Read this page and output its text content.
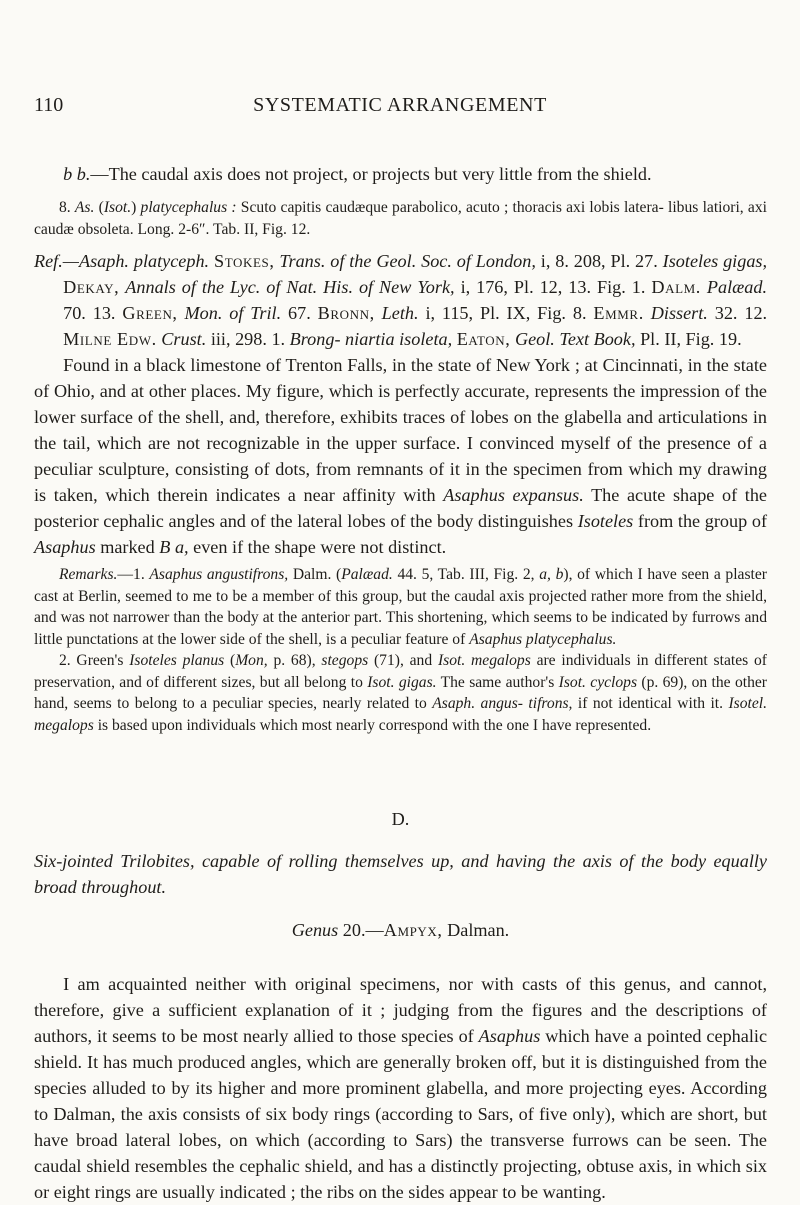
110	SYSTEMATIC ARRANGEMENT

b b.—The caudal axis does not project, or projects but very little from the shield.

8. As. (Isot.) platycephalus : Scuto capitis caudæque parabolico, acuto ; thoracis axi lobis latera- libus latiori, axi caudæ obsoleta. Long. 2-6″. Tab. II, Fig. 12.

Ref.—Asaph. platyceph. Stokes, Trans. of the Geol. Soc. of London, i, 8. 208, Pl. 27. Isoteles gigas, Dekay, Annals of the Lyc. of Nat. His. of New York, i, 176, Pl. 12, 13. Fig. 1. Dalm. Palæad. 70. 13. Green, Mon. of Tril. 67. Bronn, Leth. i, 115, Pl. IX, Fig. 8. Emmr. Dissert. 32. 12. Milne Edw. Crust. iii, 298. 1. Brong- niartia isoleta, Eaton, Geol. Text Book, Pl. II, Fig. 19.

Found in a black limestone of Trenton Falls, in the state of New York ; at Cincinnati, in the state of Ohio, and at other places. My figure, which is perfectly accurate, represents the impression of the lower surface of the shell, and, therefore, exhibits traces of lobes on the glabella and articulations in the tail, which are not recognizable in the upper surface. I convinced myself of the presence of a peculiar sculpture, consisting of dots, from remnants of it in the specimen from which my drawing is taken, which therein indicates a near affinity with Asaphus expansus. The acute shape of the posterior cephalic angles and of the lateral lobes of the body distinguishes Isoteles from the group of Asaphus marked B a, even if the shape were not distinct.

Remarks.—1. Asaphus angustifrons, Dalm. (Palæad. 44. 5, Tab. III, Fig. 2, a, b), of which I have seen a plaster cast at Berlin, seemed to me to be a member of this group, but the caudal axis projected rather more from the shield, and was not narrower than the body at the anterior part. This shortening, which seems to be indicated by furrows and little punctations at the lower side of the shell, is a peculiar feature of Asaphus platycephalus.

2. Green's Isoteles planus (Mon, p. 68), stegops (71), and Isot. megalops are individuals in different states of preservation, and of different sizes, but all belong to Isot. gigas. The same author's Isot. cyclops (p. 69), on the other hand, seems to belong to a peculiar species, nearly related to Asaph. angus- tifrons, if not identical with it. Isotel. megalops is based upon individuals which most nearly correspond with the one I have represented.

D.

Six-jointed Trilobites, capable of rolling themselves up, and having the axis of the body equally broad throughout.

Genus 20.—Ampyx, Dalman.

I am acquainted neither with original specimens, nor with casts of this genus, and cannot, therefore, give a sufficient explanation of it ; judging from the figures and the descriptions of authors, it seems to be most nearly allied to those species of Asaphus which have a pointed cephalic shield. It has much produced angles, which are generally broken off, but it is distinguished from the species alluded to by its higher and more prominent glabella, and more projecting eyes. According to Dalman, the axis consists of six body rings (according to Sars, of five only), which are short, but have broad lateral lobes, on which (according to Sars) the transverse furrows can be seen. The caudal shield resembles the cephalic shield, and has a distinctly projecting, obtuse axis, in which six or eight rings are usually indicated ; the ribs on the sides appear to be wanting.
